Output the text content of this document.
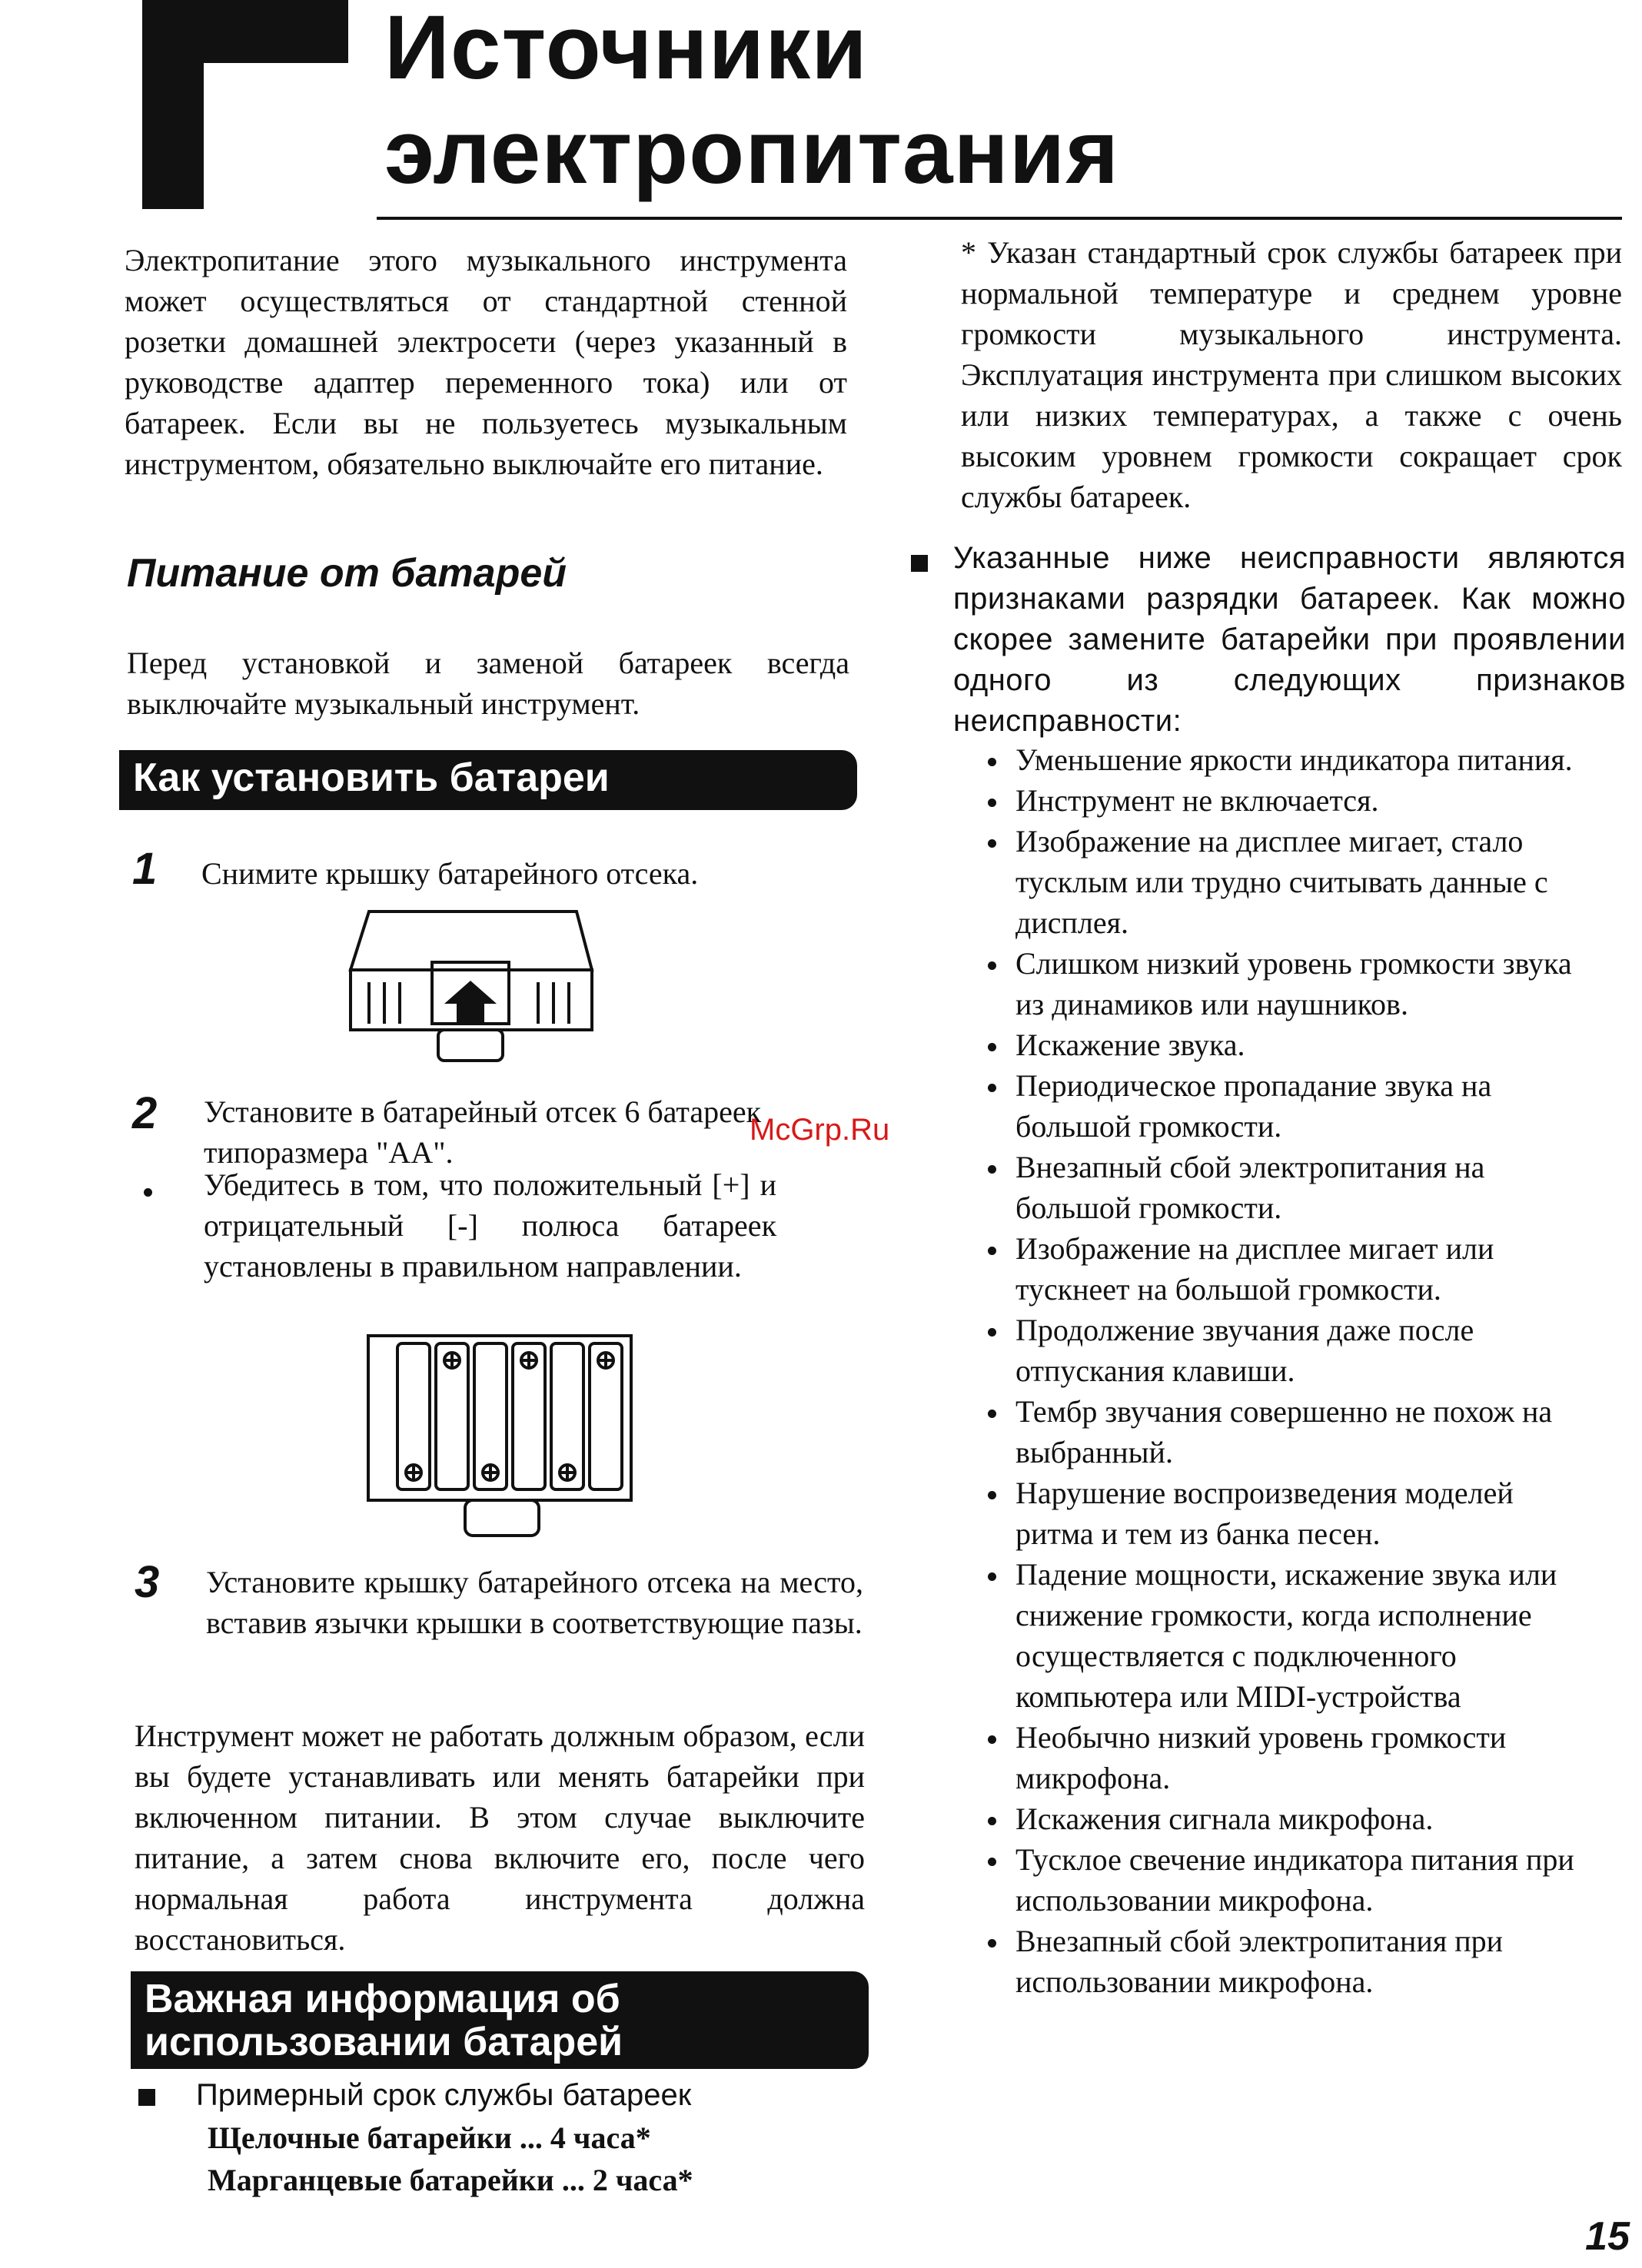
Источники
электропитания
Электропитание этого музыкального инструмента может осуществляться от стандартной стенной розетки домашней электросети (через указанный в руководстве адаптер переменного тока) или от батареек. Если вы не пользуетесь музыкальным инструментом, обязательно выключайте его питание.
Питание от батарей
Перед установкой и заменой батареек всегда выключайте музыкальный инструмент.
Как установить батареи
1 Снимите крышку батарейного отсека.
2 Установите в батарейный отсек 6 батареек типоразмера "АА".
Убедитесь в том, что положительный [+] и отрицательный [-] полюса батареек установлены в правильном направлении.
3 Установите крышку батарейного отсека на место, вставив язычки крышки в соответствующие пазы.
Инструмент может не работать должным образом, если вы будете устанавливать или менять батарейки при включенном питании. В этом случае выключите питание, а затем снова включите его, после чего нормальная работа инструмента должна восстановиться.
Важная информация об
использовании батарей
Примерный срок службы батареек
Щелочные батарейки ... 4 часа*
Марганцевые батарейки ... 2 часа*
* Указан стандартный срок службы батареек при нормальной температуре и среднем уровне громкости музыкального инструмента. Эксплуатация инструмента при слишком высоких или низких температурах, а также с очень высоким уровнем громкости сокращает срок службы батареек.
Указанные ниже неисправности являются признаками разрядки батареек. Как можно скорее замените батарейки при проявлении одного из следующих признаков неисправности:
Уменьшение яркости индикатора питания.
Инструмент не включается.
Изображение на дисплее мигает, стало тусклым или трудно считывать данные с дисплея.
Слишком низкий уровень громкости звука из динамиков или наушников.
Искажение звука.
Периодическое пропадание звука на большой громкости.
Внезапный сбой электропитания на большой громкости.
Изображение на дисплее мигает или тускнеет на большой громкости.
Продолжение звучания даже после отпускания клавиши.
Тембр звучания совершенно не похож на выбранный.
Нарушение воспроизведения моделей ритма и тем из банка песен.
Падение мощности, искажение звука или снижение громкости, когда исполнение осуществляется с подключенного компьютера или MIDI-устройства
Необычно низкий уровень громкости микрофона.
Искажения сигнала микрофона.
Тусклое свечение индикатора питания при использовании микрофона.
Внезапный сбой электропитания при использовании микрофона.
McGrp.Ru
15
